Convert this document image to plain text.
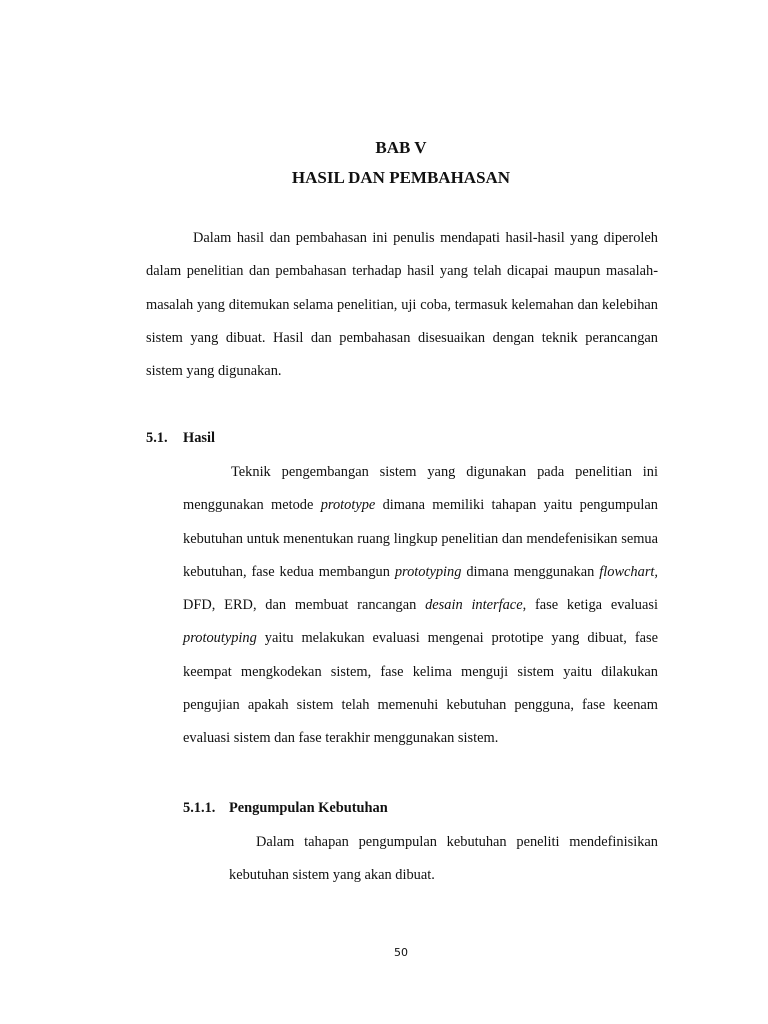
BAB V
HASIL DAN PEMBAHASAN

Dalam hasil dan pembahasan ini penulis mendapati hasil-hasil yang diperoleh dalam penelitian dan pembahasan terhadap hasil yang telah dicapai maupun masalah-masalah yang ditemukan selama penelitian, uji coba, termasuk kelemahan dan kelebihan sistem yang dibuat. Hasil dan pembahasan disesuaikan dengan teknik perancangan sistem yang digunakan.

5.1. Hasil

Teknik pengembangan sistem yang digunakan pada penelitian ini menggunakan metode prototype dimana memiliki tahapan yaitu pengumpulan kebutuhan untuk menentukan ruang lingkup penelitian dan mendefenisikan semua kebutuhan, fase kedua membangun prototyping dimana menggunakan flowchart, DFD, ERD, dan membuat rancangan desain interface, fase ketiga evaluasi protoutyping yaitu melakukan evaluasi mengenai prototipe yang dibuat, fase keempat mengkodekan sistem, fase kelima menguji sistem yaitu dilakukan pengujian apakah sistem telah memenuhi kebutuhan pengguna, fase keenam evaluasi sistem dan fase terakhir menggunakan sistem.

5.1.1. Pengumpulan Kebutuhan

Dalam tahapan pengumpulan kebutuhan peneliti mendefinisikan kebutuhan sistem yang akan dibuat.

50
